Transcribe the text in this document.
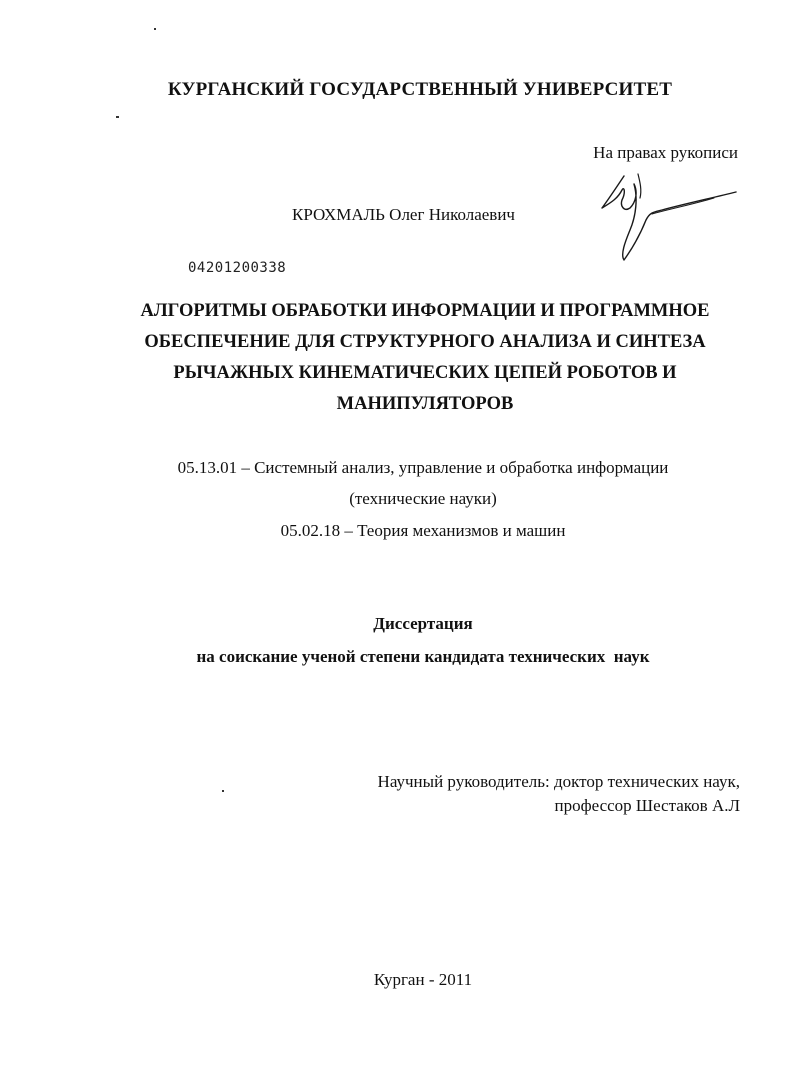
КУРГАНСКИЙ ГОСУДАРСТВЕННЫЙ УНИВЕРСИТЕТ
На правах рукописи
КРОХМАЛЬ Олег Николаевич
04201200338
АЛГОРИТМЫ ОБРАБОТКИ ИНФОРМАЦИИ И ПРОГРАММНОЕ
ОБЕСПЕЧЕНИЕ ДЛЯ СТРУКТУРНОГО АНАЛИЗА И СИНТЕЗА
РЫЧАЖНЫХ КИНЕМАТИЧЕСКИХ ЦЕПЕЙ РОБОТОВ И
МАНИПУЛЯТОРОВ
05.13.01 – Системный анализ, управление и обработка информации
(технические науки)
05.02.18 – Теория механизмов и машин
Диссертация
на соискание ученой степени кандидата технических  наук
Научный руководитель: доктор технических наук,
профессор Шестаков А.Л
Курган - 2011
